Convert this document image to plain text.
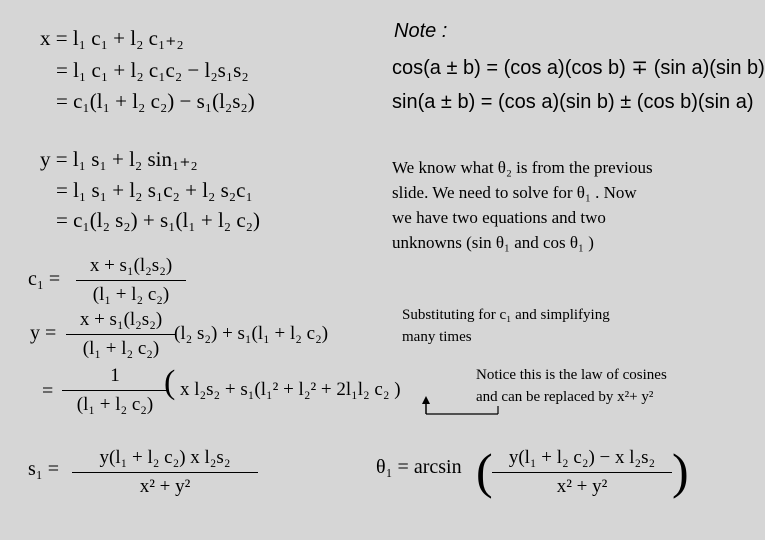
x = l₁ c₁ + l₂ c₁₊₂
= l₁ c₁ + l₂ c₁c₂ − l₂s₁s₂
= c₁(l₁ + l₂ c₂) − s₁(l₂s₂)
y = l₁ s₁ + l₂ sin₁₊₂
= l₁ s₁ + l₂ s₁c₂ + l₂ s₂c₁
= c₁(l₂ s₂) + s₁(l₁ + l₂ c₂)
Note :
cos(a ± b) = (cos a)(cos b) ∓ (sin a)(sin b)
sin(a ± b) = (cos a)(sin b) ± (cos b)(sin a)
We know what θ₂ is from the previous
slide. We need to solve for θ₁ . Now
we have two equations and two
unknowns (sin θ₁ and cos θ₁ )
c₁ =
x + s₁(l₂s₂)
(l₁ + l₂ c₂)
y =
x + s₁(l₂s₂)
(l₁ + l₂ c₂)
(l₂ s₂) + s₁(l₁ + l₂ c₂)
=
1
(l₁ + l₂ c₂)
( x l₂s₂ + s₁(l₁² + l₂² + 2l₁l₂ c₂ )
Substituting for c₁ and simplifying
many times
Notice this is the law of cosines
and can be replaced by x²+ y²
s₁ =
y(l₁ + l₂ c₂) x l₂s₂
x² + y²
θ₁ = arcsin ( y(l₁ + l₂ c₂) − x l₂s₂
x² + y²	)
